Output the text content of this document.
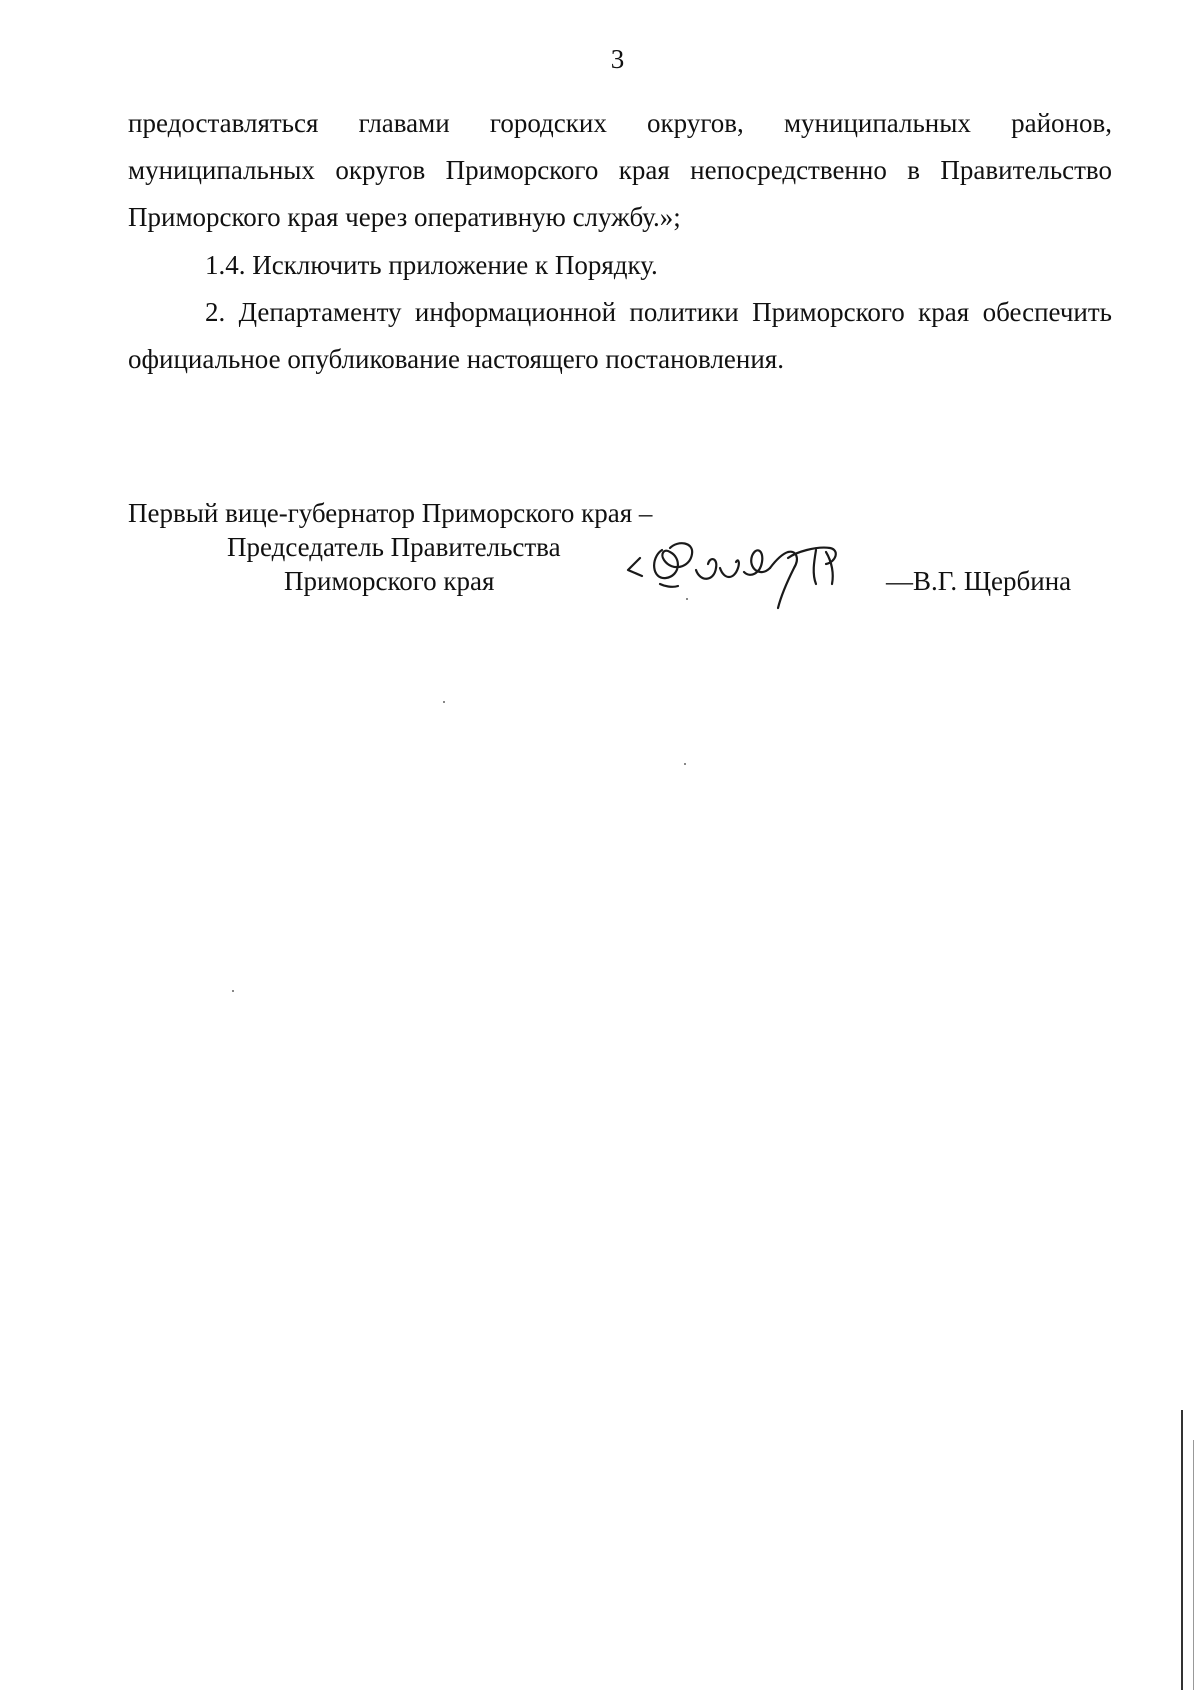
3

предоставляться главами городских округов, муниципальных районов, муниципальных округов Приморского края непосредственно в Правительство Приморского края через оперативную службу.»;

1.4. Исключить приложение к Порядку.

2. Департаменту информационной политики Приморского края обеспечить официальное опубликование настоящего постановления.

Первый вице-губернатор Приморского края –
Председатель Правительства
Приморского края	—В.Г. Щербина
